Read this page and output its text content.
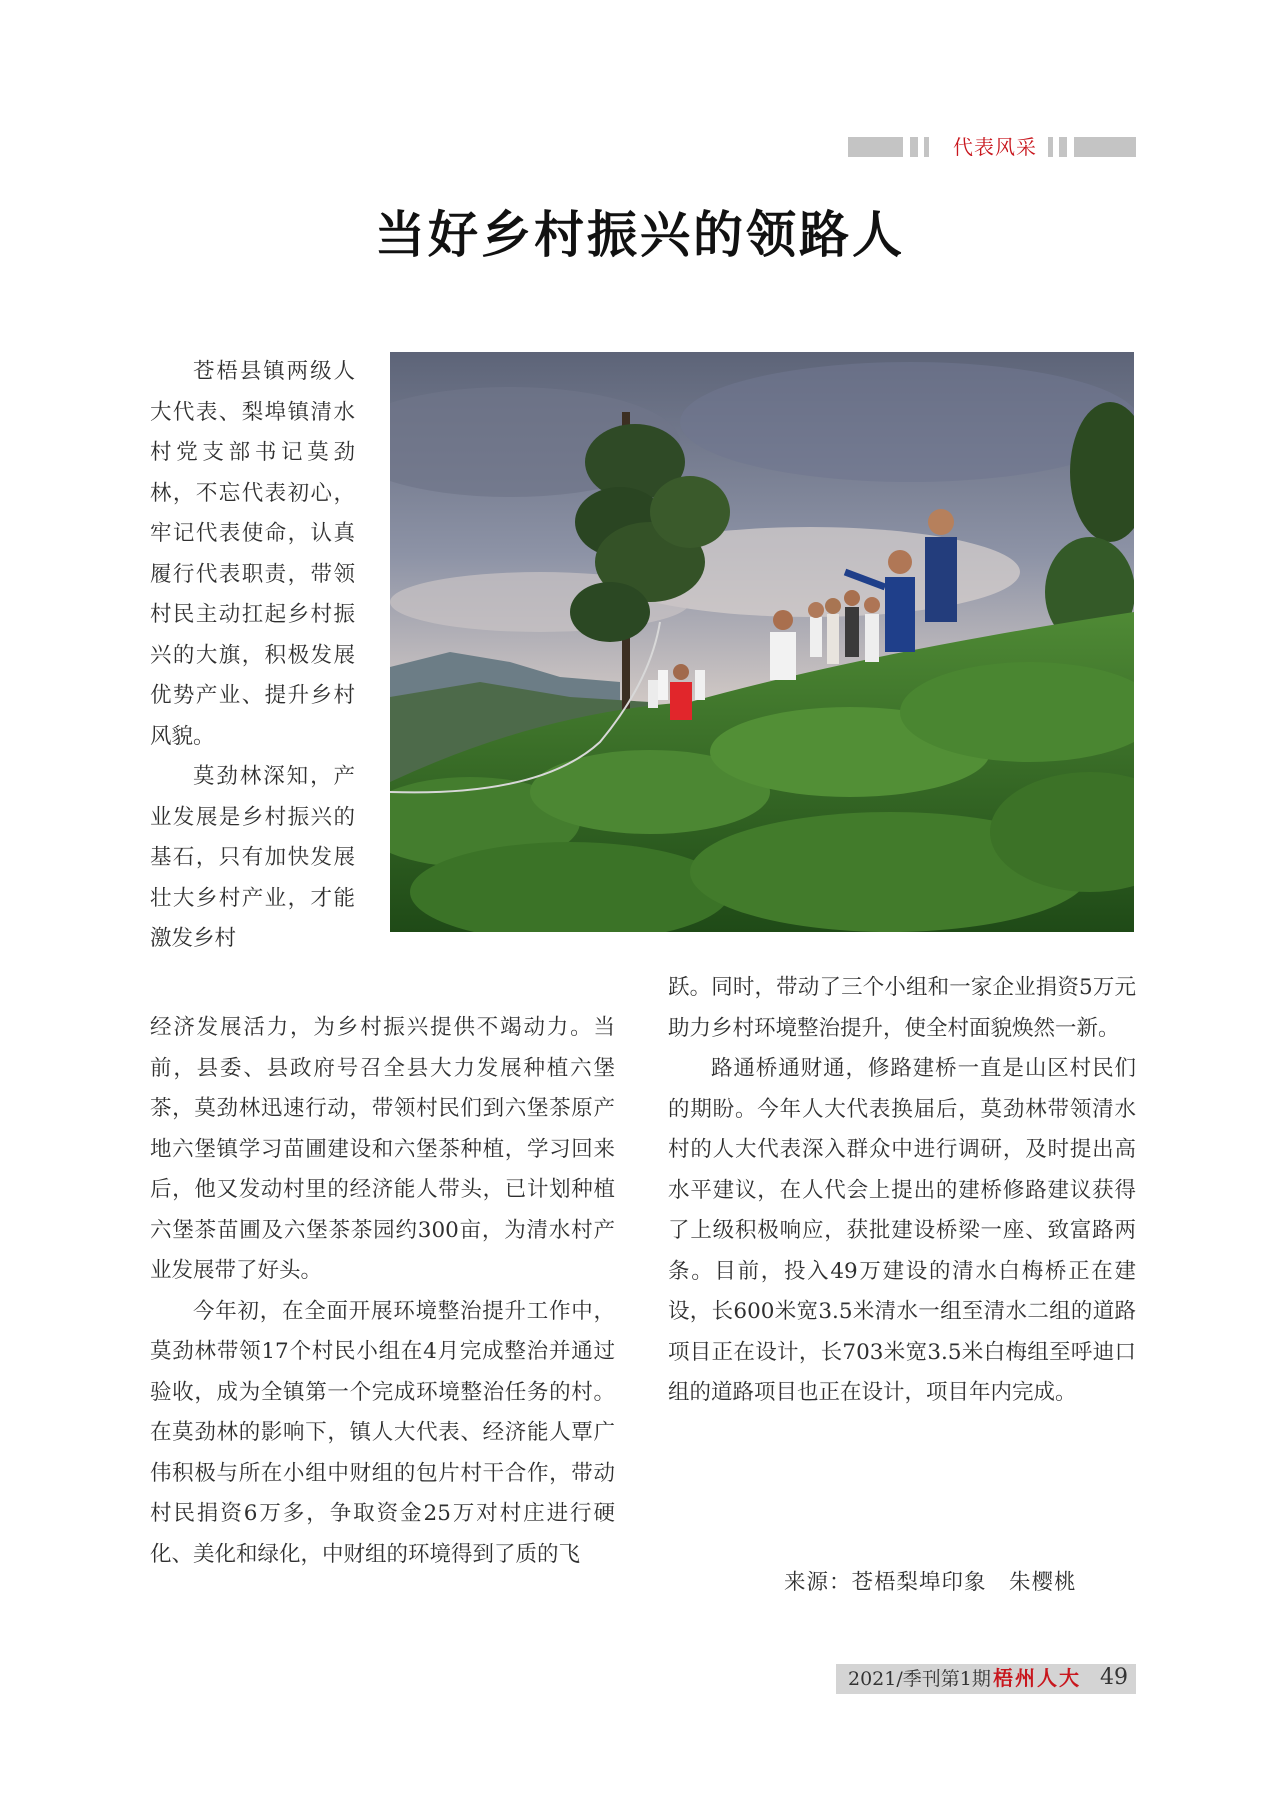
代表风采
当好乡村振兴的领路人

苍梧县镇两级人大代表、梨埠镇清水村党支部书记莫劲林，不忘代表初心，牢记代表使命，认真履行代表职责，带领村民主动扛起乡村振兴的大旗，积极发展优势产业、提升乡村风貌。

莫劲林深知，产业发展是乡村振兴的基石，只有加快发展壮大乡村产业，才能激发乡村

经济发展活力，为乡村振兴提供不竭动力。当前，县委、县政府号召全县大力发展种植六堡茶，莫劲林迅速行动，带领村民们到六堡茶原产地六堡镇学习苗圃建设和六堡茶种植，学习回来后，他又发动村里的经济能人带头，已计划种植六堡茶苗圃及六堡茶茶园约300亩，为清水村产业发展带了好头。

今年初，在全面开展环境整治提升工作中，莫劲林带领17个村民小组在4月完成整治并通过验收，成为全镇第一个完成环境整治任务的村。在莫劲林的影响下，镇人大代表、经济能人覃广伟积极与所在小组中财组的包片村干合作，带动村民捐资6万多，争取资金25万对村庄进行硬化、美化和绿化，中财组的环境得到了质的飞

跃。同时，带动了三个小组和一家企业捐资5万元助力乡村环境整治提升，使全村面貌焕然一新。

路通桥通财通，修路建桥一直是山区村民们的期盼。今年人大代表换届后，莫劲林带领清水村的人大代表深入群众中进行调研，及时提出高水平建议，在人代会上提出的建桥修路建议获得了上级积极响应，获批建设桥梁一座、致富路两条。目前，投入49万建设的清水白梅桥正在建设，长600米宽3.5米清水一组至清水二组的道路项目正在设计，长703米宽3.5米白梅组至呼迪口组的道路项目也正在设计，项目年内完成。

来源：苍梧梨埠印象　朱樱桃
2021/季刊第1期 梧州人大 49
